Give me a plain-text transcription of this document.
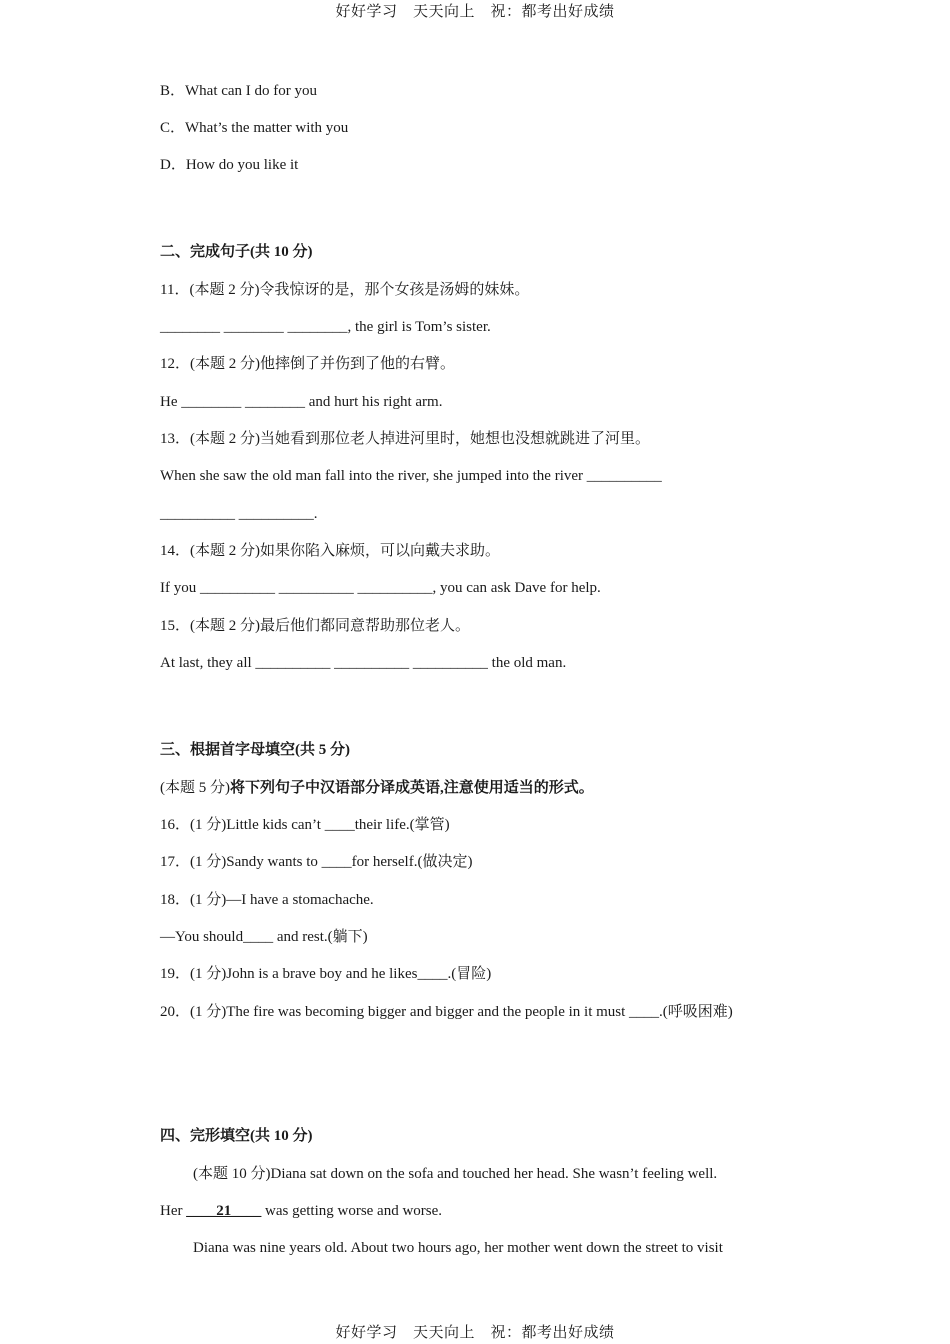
好好学习　天天向上　祝：都考出好成绩
B．What can I do for you
C．What’s the matter with you
D．How do you like it
二、完成句子(共 10 分)
11．(本题 2 分)令我惊讶的是，那个女孩是汤姆的妹妹。
________ ________ ________, the girl is Tom’s sister.
12．(本题 2 分)他摔倒了并伤到了他的右臂。
He ________ ________ and hurt his right arm.
13．(本题 2 分)当她看到那位老人掉进河里时，她想也没想就跳进了河里。
When she saw the old man fall into the river, she jumped into the river __________
__________ __________.
14．(本题 2 分)如果你陷入麻烦，可以向戴夫求助。
If you __________ __________ __________, you can ask Dave for help.
15．(本题 2 分)最后他们都同意帮助那位老人。
At last, they all __________ __________ __________ the old man.
三、根据首字母填空(共 5 分)
(本题 5 分)将下列句子中汉语部分译成英语,注意使用适当的形式。
16．(1 分)Little kids can’t ____their life.(掌管)
17．(1 分)Sandy wants to ____for herself.(做决定)
18．(1 分)—I have a stomachache.
—You should____ and rest.(躺下)
19．(1 分)John is a brave boy and he likes____.(冒险)
20．(1 分)The fire was becoming bigger and bigger and the people in it must ____.(呼吸困难)
四、完形填空(共 10 分)
(本题 10 分)Diana sat down on the sofa and touched her head. She wasn’t feeling well.
Her ____21____ was getting worse and worse.
Diana was nine years old. About two hours ago, her mother went down the street to visit
好好学习　天天向上　祝：都考出好成绩
